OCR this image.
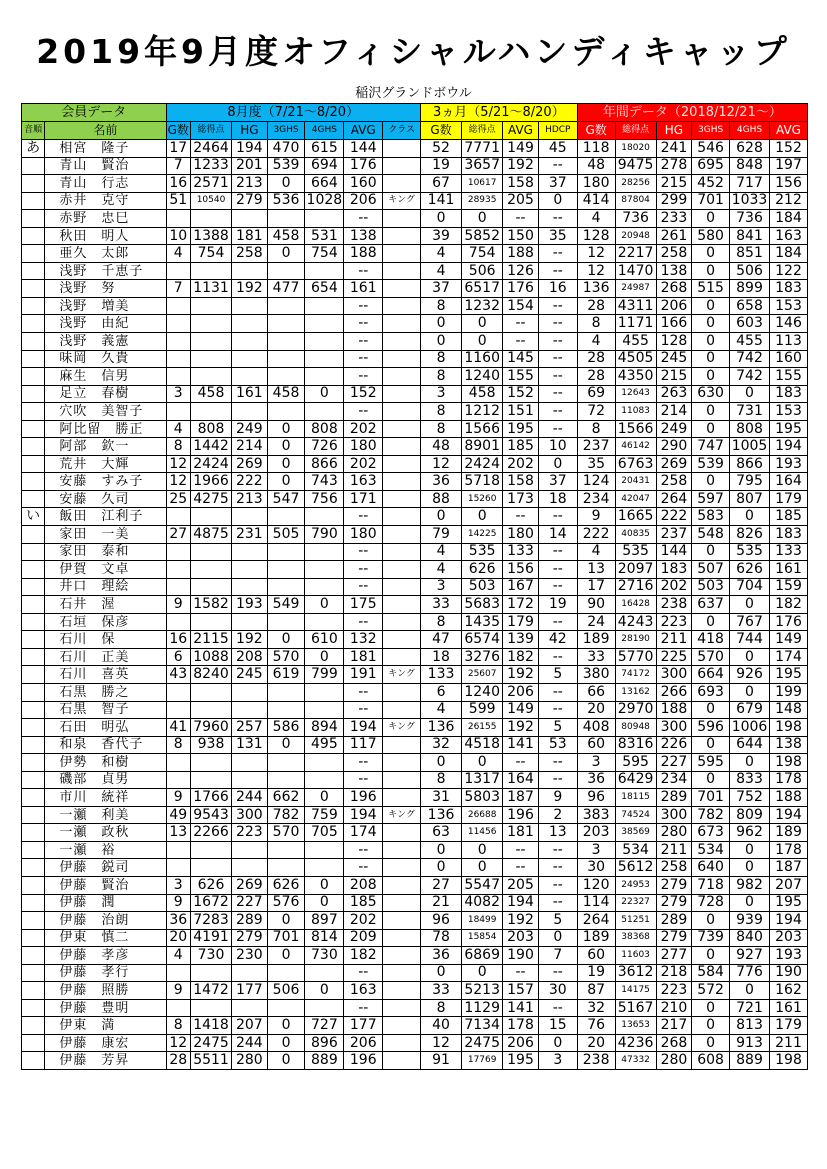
2019年9月度オフィシャルハンディキャップ
稲沢グランドボウル
会員データ		8月度（7/21～8/20）							3ヵ月（5/21～8/20）				年間データ（2018/12/21～）					
音順	名前	G数	総得点	HG	3GHS	4GHS	AVG	クラス	G数	総得点	AVG	HDCP	G数	総得点	HG	3GHS	4GHS	AVG
あ	相宮　隆子	17	2464	194	470	615	144		52	7771	149	45	118	18020	241	546	628	152
	青山　賢治	7	1233	201	539	694	176		19	3657	192	--	48	9475	278	695	848	197
	青山　行志	16	2571	213	0	664	160		67	10617	158	37	180	28256	215	452	717	156
	赤井　克守	51	10540	279	536	1028	206	キング	141	28935	205	0	414	87804	299	701	1033	212
	赤野　忠巳						--		0	0	--	--	4	736	233	0	736	184
	秋田　明人	10	1388	181	458	531	138		39	5852	150	35	128	20948	261	580	841	163
	亜久　太郎	4	754	258	0	754	188		4	754	188	--	12	2217	258	0	851	184
	浅野　千恵子						--		4	506	126	--	12	1470	138	0	506	122
	浅野　努	7	1131	192	477	654	161		37	6517	176	16	136	24987	268	515	899	183
	浅野　増美						--		8	1232	154	--	28	4311	206	0	658	153
	浅野　由紀						--		0	0	--	--	8	1171	166	0	603	146
	浅野　義憲						--		0	0	--	--	4	455	128	0	455	113
	味岡　久貴						--		8	1160	145	--	28	4505	245	0	742	160
	麻生　信男						--		8	1240	155	--	28	4350	215	0	742	155
	足立　春樹	3	458	161	458	0	152		3	458	152	--	69	12643	263	630	0	183
	穴吹　美智子						--		8	1212	151	--	72	11083	214	0	731	153
	阿比留　勝正	4	808	249	0	808	202		8	1566	195	--	8	1566	249	0	808	195
	阿部　欽一	8	1442	214	0	726	180		48	8901	185	10	237	46142	290	747	1005	194
	荒井　大輝	12	2424	269	0	866	202		12	2424	202	0	35	6763	269	539	866	193
	安藤　すみ子	12	1966	222	0	743	163		36	5718	158	37	124	20431	258	0	795	164
	安藤　久司	25	4275	213	547	756	171		88	15260	173	18	234	42047	264	597	807	179
い	飯田　江利子						--		0	0	--	--	9	1665	222	583	0	185
	家田　一美	27	4875	231	505	790	180		79	14225	180	14	222	40835	237	548	826	183
	家田　泰和						--		4	535	133	--	4	535	144	0	535	133
	伊賀　文卓						--		4	626	156	--	13	2097	183	507	626	161
	井口　理絵						--		3	503	167	--	17	2716	202	503	704	159
	石井　渥	9	1582	193	549	0	175		33	5683	172	19	90	16428	238	637	0	182
	石垣　保彦						--		8	1435	179	--	24	4243	223	0	767	176
	石川　保	16	2115	192	0	610	132		47	6574	139	42	189	28190	211	418	744	149
	石川　正美	6	1088	208	570	0	181		18	3276	182	--	33	5770	225	570	0	174
	石川　喜英	43	8240	245	619	799	191	キング	133	25607	192	5	380	74172	300	664	926	195
	石黒　勝之						--		6	1240	206	--	66	13162	266	693	0	199
	石黒　智子						--		4	599	149	--	20	2970	188	0	679	148
	石田　明弘	41	7960	257	586	894	194	キング	136	26155	192	5	408	80948	300	596	1006	198
	和泉　香代子	8	938	131	0	495	117		32	4518	141	53	60	8316	226	0	644	138
	伊勢　和樹						--		0	0	--	--	3	595	227	595	0	198
	磯部　貞男						--		8	1317	164	--	36	6429	234	0	833	178
	市川　統祥	9	1766	244	662	0	196		31	5803	187	9	96	18115	289	701	752	188
	一瀬　利美	49	9543	300	782	759	194	キング	136	26688	196	2	383	74524	300	782	809	194
	一瀬　政秋	13	2266	223	570	705	174		63	11456	181	13	203	38569	280	673	962	189
	一瀬　裕						--		0	0	--	--	3	534	211	534	0	178
	伊藤　鋭司						--		0	0	--	--	30	5612	258	640	0	187
	伊藤　賢治	3	626	269	626	0	208		27	5547	205	--	120	24953	279	718	982	207
	伊藤　潤	9	1672	227	576	0	185		21	4082	194	--	114	22327	279	728	0	195
	伊藤　治朗	36	7283	289	0	897	202		96	18499	192	5	264	51251	289	0	939	194
	伊東　慎二	20	4191	279	701	814	209		78	15854	203	0	189	38368	279	739	840	203
	伊藤　孝彦	4	730	230	0	730	182		36	6869	190	7	60	11603	277	0	927	193
	伊藤　孝行						--		0	0	--	--	19	3612	218	584	776	190
	伊藤　照勝	9	1472	177	506	0	163		33	5213	157	30	87	14175	223	572	0	162
	伊藤　豊明						--		8	1129	141	--	32	5167	210	0	721	161
	伊東　満	8	1418	207	0	727	177		40	7134	178	15	76	13653	217	0	813	179
	伊藤　康宏	12	2475	244	0	896	206		12	2475	206	0	20	4236	268	0	913	211
	伊藤　芳昇	28	5511	280	0	889	196		91	17769	195	3	238	47332	280	608	889	198
